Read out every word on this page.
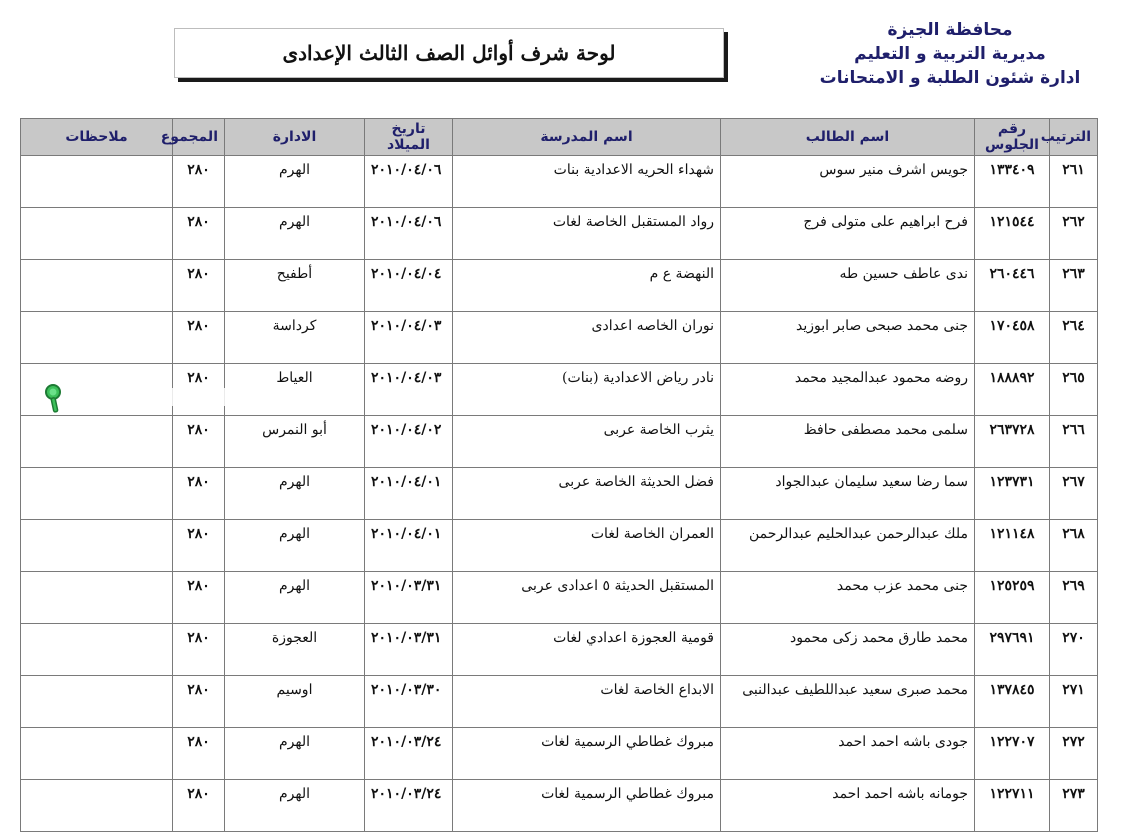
محافظة الجيزة
مديرية التربية و التعليم
ادارة شئون الطلبة و الامتحانات
لوحة شرف أوائل الصف الثالث الإعدادى
الترتيب	رقم الجلوس	اسم الطالب	اسم المدرسة	تاريخ الميلاد	الادارة	المجموع	ملاحظات
٢٦١	١٣٣٤٠٩	جويس اشرف منير سوس	شهداء الحريه الاعدادية بنات	٢٠١٠/٠٤/٠٦	الهرم	٢٨٠	
٢٦٢	١٢١٥٤٤	فرح ابراهيم على متولى فرج	رواد المستقبل الخاصة لغات	٢٠١٠/٠٤/٠٦	الهرم	٢٨٠	
٢٦٣	٢٦٠٤٤٦	ندى عاطف حسين طه	النهضة ع م	٢٠١٠/٠٤/٠٤	أطفيح	٢٨٠	
٢٦٤	١٧٠٤٥٨	جنى محمد صبحى صابر ابوزيد	نوران الخاصه اعدادى	٢٠١٠/٠٤/٠٣	كرداسة	٢٨٠	
٢٦٥	١٨٨٨٩٢	روضه محمود عبدالمجيد محمد	نادر رياض الاعدادية (بنات)	٢٠١٠/٠٤/٠٣	العياط	٢٨٠	
٢٦٦	٢٦٣٧٢٨	سلمى محمد مصطفى حافظ	يثرب الخاصة عربى	٢٠١٠/٠٤/٠٢	أبو النمرس	٢٨٠	
٢٦٧	١٢٣٧٣١	سما رضا سعيد سليمان عبدالجواد	فضل الحديثة الخاصة عربى	٢٠١٠/٠٤/٠١	الهرم	٢٨٠	
٢٦٨	١٢١١٤٨	ملك عبدالرحمن عبدالحليم عبدالرحمن	العمران الخاصة لغات	٢٠١٠/٠٤/٠١	الهرم	٢٨٠	
٢٦٩	١٢٥٢٥٩	جنى محمد عزب محمد	المستقبل الحديثة ٥ اعدادى عربى	٢٠١٠/٠٣/٣١	الهرم	٢٨٠	
٢٧٠	٢٩٧٦٩١	محمد طارق محمد زكى محمود	قومية العجوزة اعدادي لغات	٢٠١٠/٠٣/٣١	العجوزة	٢٨٠	
٢٧١	١٣٧٨٤٥	محمد صبرى سعيد عبداللطيف عبدالنبى	الابداع الخاصة لغات	٢٠١٠/٠٣/٣٠	اوسيم	٢٨٠	
٢٧٢	١٢٢٧٠٧	جودى باشه احمد احمد	مبروك غطاطي الرسمية لغات	٢٠١٠/٠٣/٢٤	الهرم	٢٨٠	
٢٧٣	١٢٢٧١١	جومانه باشه احمد احمد	مبروك غطاطي الرسمية لغات	٢٠١٠/٠٣/٢٤	الهرم	٢٨٠	
